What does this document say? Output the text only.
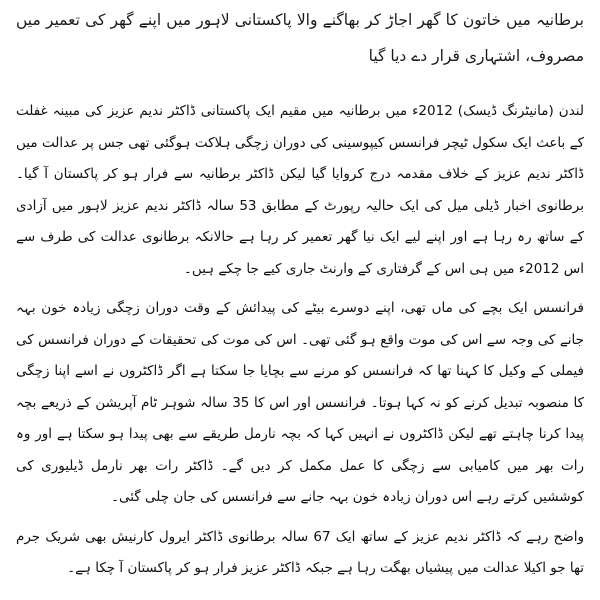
برطانیہ میں خاتون کا گھر اجاڑ کر بھاگنے والا پاکستانی لاہور میں اپنے گھر کی تعمیر میں مصروف، اشتہاری قرار دے دیا گیا

لندن (مانیٹرنگ ڈیسک) 2012ء میں برطانیہ میں مقیم ایک پاکستانی ڈاکٹر ندیم عزیز کی مبینہ غفلت کے باعث ایک سکول ٹیچر فرانسس کیپوسینی کی دوران زچگی ہلاکت ہوگئی تھی جس پر عدالت میں ڈاکٹر ندیم عزیز کے خلاف مقدمہ درج کروایا گیا لیکن ڈاکٹر برطانیہ سے فرار ہو کر پاکستان آ گیا۔ برطانوی اخبار ڈیلی میل کی ایک حالیہ رپورٹ کے مطابق 53 سالہ ڈاکٹر ندیم عزیز لاہور میں آزادی کے ساتھ رہ رہا ہے اور اپنے لیے ایک نیا گھر تعمیر کر رہا ہے حالانکہ برطانوی عدالت کی طرف سے اس 2012ء میں ہی اس کے گرفتاری کے وارنٹ جاری کیے جا چکے ہیں۔

فرانسس ایک بچے کی ماں تھی، اپنے دوسرے بیٹے کی پیدائش کے وقت دوران زچگی زیادہ خون بہہ جانے کی وجہ سے اس کی موت واقع ہو گئی تھی۔ اس کی موت کی تحقیقات کے دوران فرانسس کی فیملی کے وکیل کا کہنا تھا کہ فرانسس کو مرنے سے بچایا جا سکتا ہے اگر ڈاکٹروں نے اسے اپنا زچگی کا منصوبہ تبدیل کرنے کو نہ کہا ہوتا۔ فرانسس اور اس کا 35 سالہ شوہر ٹام آپریشن کے ذریعے بچہ پیدا کرنا چاہتے تھے لیکن ڈاکٹروں نے انہیں کہا کہ بچہ نارمل طریقے سے بھی پیدا ہو سکتا ہے اور وہ رات بھر میں کامیابی سے زچگی کا عمل مکمل کر دیں گے۔ ڈاکٹر رات بھر نارمل ڈیلیوری کی کوششیں کرتے رہے اس دوران زیادہ خون بہہ جانے سے فرانسس کی جان چلی گئی۔

واضح رہے کہ ڈاکٹر ندیم عزیز کے ساتھ ایک 67 سالہ برطانوی ڈاکٹر ایرول کارنیش بھی شریک جرم تھا جو اکیلا عدالت میں پیشیاں بھگت رہا ہے جبکہ ڈاکٹر عزیز فرار ہو کر پاکستان آ چکا ہے۔
